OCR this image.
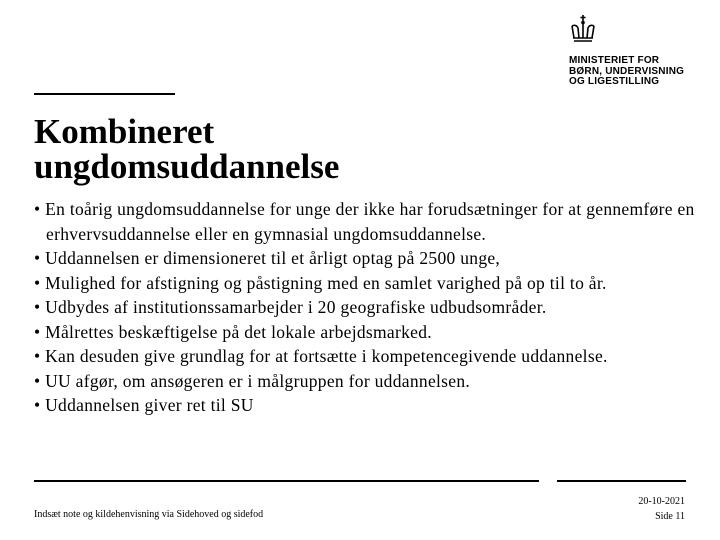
MINISTERIET FOR
BØRN, UNDERVISNING
OG LIGESTILLING
Kombineret
ungdomsuddannelse
• En toårig ungdomsuddannelse for unge der ikke har forudsætninger for at gennemføre en erhvervsuddannelse eller en gymnasial ungdomsuddannelse.
• Uddannelsen er dimensioneret til et årligt optag på 2500 unge,
• Mulighed for afstigning og påstigning med en samlet varighed på op til to år.
• Udbydes af institutionssamarbejder i 20 geografiske udbudsområder.
• Målrettes beskæftigelse på det lokale arbejdsmarked.
• Kan desuden give grundlag for at fortsætte i kompetencegivende uddannelse.
• UU afgør, om ansøgeren er i målgruppen for uddannelsen.
• Uddannelsen giver ret til SU
Indsæt note og kildehenvisning via Sidehoved og sidefod
20-10-2021
Side 11
